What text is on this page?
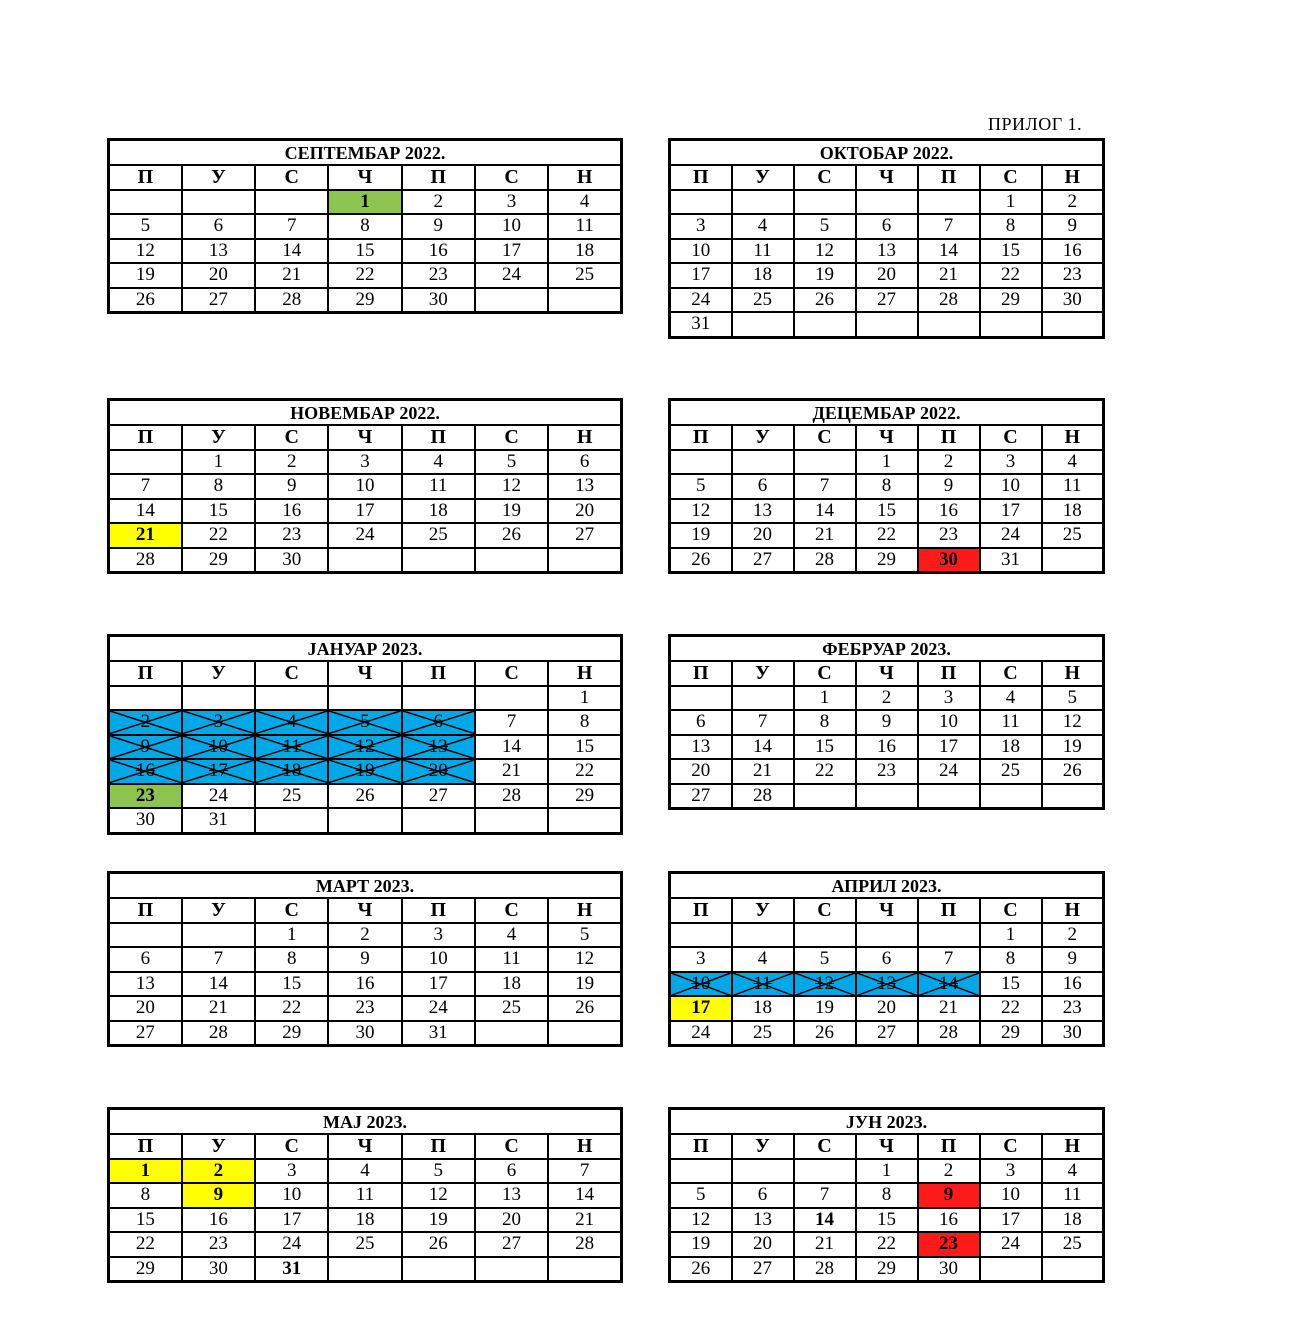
ПРИЛОГ 1.
СЕПТЕМБАР 2022.						
П	У	С	Ч	П	С	Н
			1	2	3	4
5	6	7	8	9	10	11
12	13	14	15	16	17	18
19	20	21	22	23	24	25
26	27	28	29	30		
ОКТОБАР 2022.						
П	У	С	Ч	П	С	Н
					1	2
3	4	5	6	7	8	9
10	11	12	13	14	15	16
17	18	19	20	21	22	23
24	25	26	27	28	29	30
31						
НОВЕМБАР 2022.						
П	У	С	Ч	П	С	Н
	1	2	3	4	5	6
7	8	9	10	11	12	13
14	15	16	17	18	19	20
21	22	23	24	25	26	27
28	29	30				
ДЕЦЕМБАР 2022.						
П	У	С	Ч	П	С	Н
			1	2	3	4
5	6	7	8	9	10	11
12	13	14	15	16	17	18
19	20	21	22	23	24	25
26	27	28	29	30	31	
ЈАНУАР 2023.						
П	У	С	Ч	П	С	Н
						1

2	3	4	5	6	7	8

9	10	11	12	13	14	15

16	17	18	19	20	21	22
23	24	25	26	27	28	29
30	31					
ФЕБРУАР 2023.						
П	У	С	Ч	П	С	Н
		1	2	3	4	5
6	7	8	9	10	11	12
13	14	15	16	17	18	19
20	21	22	23	24	25	26
27	28					
МАРТ 2023.						
П	У	С	Ч	П	С	Н
		1	2	3	4	5
6	7	8	9	10	11	12
13	14	15	16	17	18	19
20	21	22	23	24	25	26
27	28	29	30	31		
АПРИЛ 2023.						
П	У	С	Ч	П	С	Н
					1	2
3	4	5	6	7	8	9

10	11	12	13	14	15	16
17	18	19	20	21	22	23
24	25	26	27	28	29	30
МАЈ 2023.						
П	У	С	Ч	П	С	Н
1	2	3	4	5	6	7
8	9	10	11	12	13	14
15	16	17	18	19	20	21
22	23	24	25	26	27	28
29	30	31				
ЈУН 2023.						
П	У	С	Ч	П	С	Н
			1	2	3	4
5	6	7	8	9	10	11
12	13	14	15	16	17	18
19	20	21	22	23	24	25
26	27	28	29	30		
